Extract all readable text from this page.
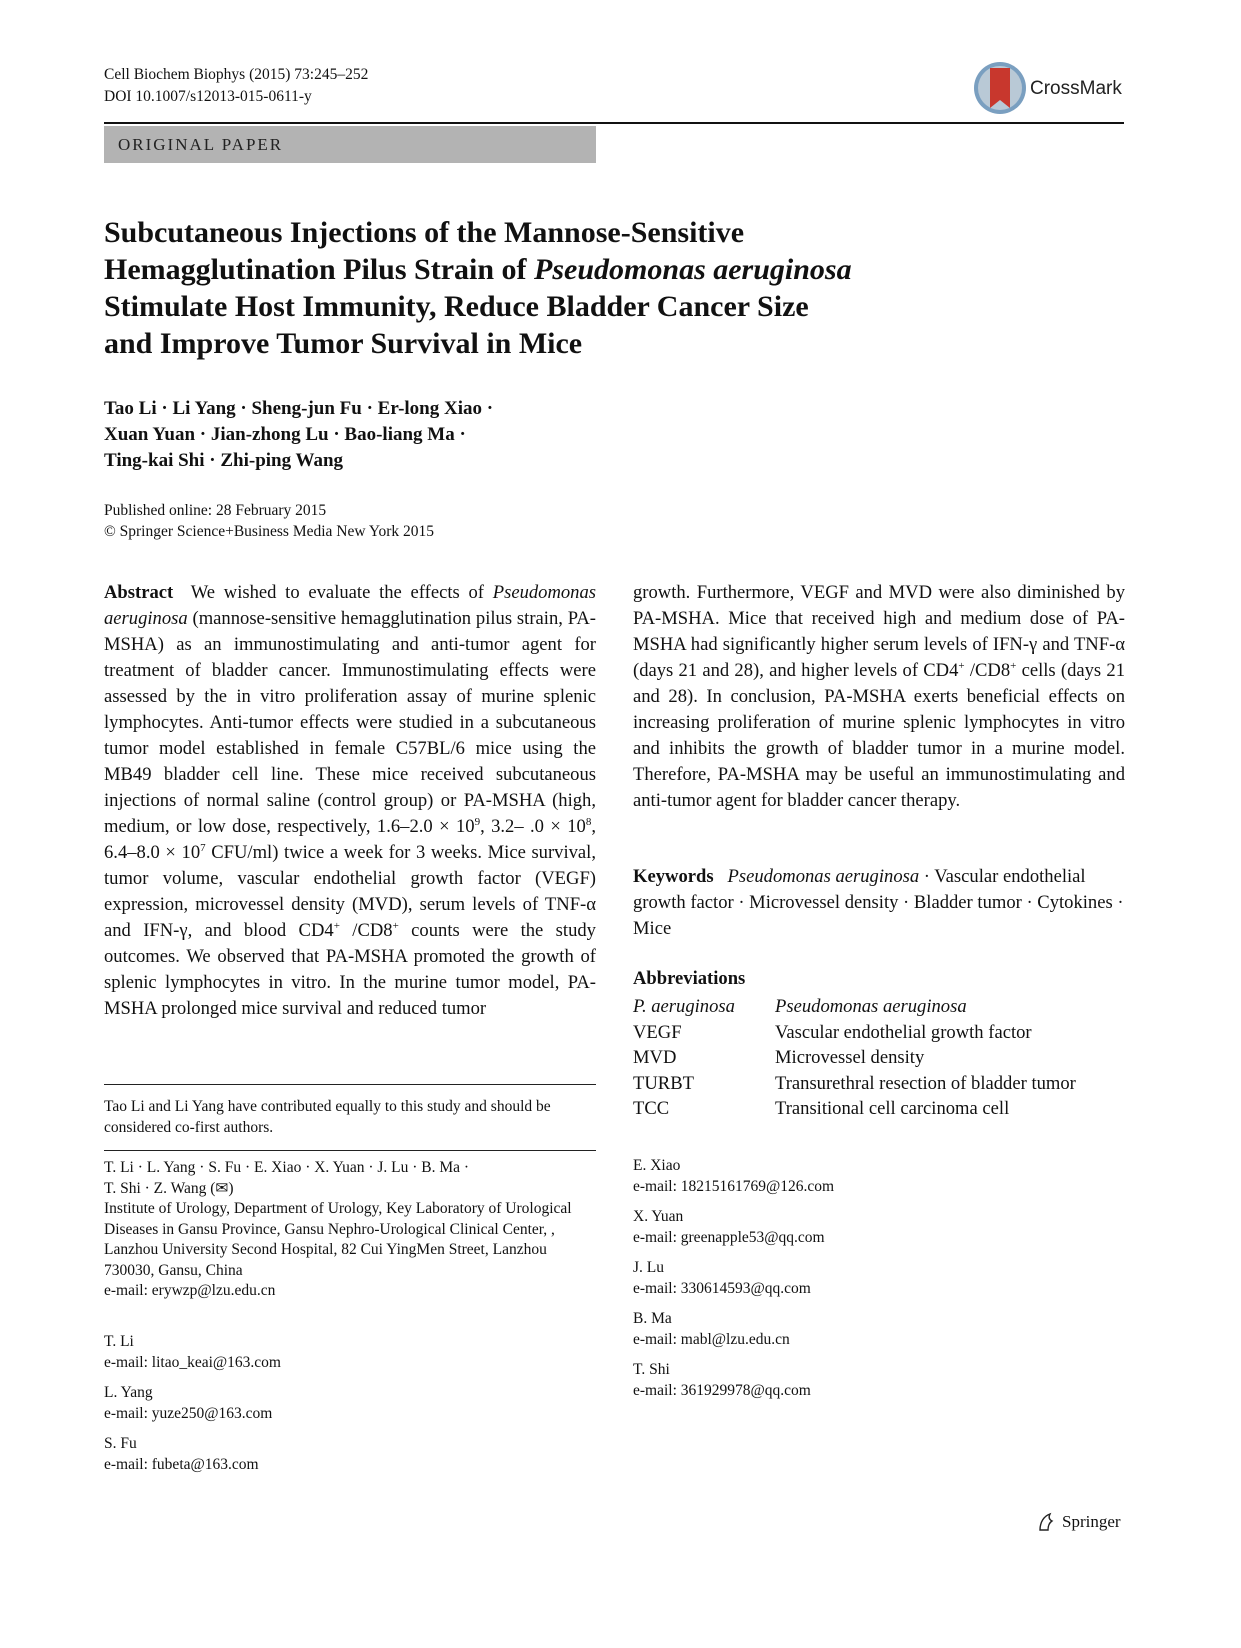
Cell Biochem Biophys (2015) 73:245–252
DOI 10.1007/s12013-015-0611-y	CrossMark
ORIGINAL PAPER
Subcutaneous Injections of the Mannose-Sensitive
Hemagglutination Pilus Strain of Pseudomonas aeruginosa
Stimulate Host Immunity, Reduce Bladder Cancer Size
and Improve Tumor Survival in Mice
Tao Li · Li Yang · Sheng-jun Fu · Er-long Xiao ·
Xuan Yuan · Jian-zhong Lu · Bao-liang Ma ·
Ting-kai Shi · Zhi-ping Wang
Published online: 28 February 2015
© Springer Science+Business Media New York 2015
Abstract We wished to evaluate the effects of Pseudomonas aeruginosa (mannose-sensitive hemagglutination pilus strain, PA-MSHA) as an immunostimulating and anti-tumor agent for treatment of bladder cancer. Immunostimulating effects were assessed by the in vitro proliferation assay of murine splenic lymphocytes. Anti-tumor effects were studied in a subcutaneous tumor model established in female C57BL/6 mice using the MB49 bladder cell line. These mice received subcutaneous injections of normal saline (control group) or PA-MSHA (high, medium, or low dose, respectively, $1.6-2.0 \times 10^9$, 3.2– $.0 \times 10^8$, $6.4-8.0 \times 10^7$ CFU/ml) twice a week for 3 weeks. Mice survival, tumor volume, vascular endothelial growth factor (VEGF) expression, microvessel density (MVD), serum levels of TNF-α and IFN-γ, and blood CD4+ /CD8+ counts were the study outcomes. We observed that PA-MSHA promoted the growth of splenic lymphocytes in vitro. In the murine tumor model, PA-MSHA prolonged mice survival and reduced tumor
growth. Furthermore, VEGF and MVD were also diminished by PA-MSHA. Mice that received high and medium dose of PA-MSHA had significantly higher serum levels of IFN-γ and TNF-α (days 21 and 28), and higher levels of CD4+ /CD8+ cells (days 21 and 28). In conclusion, PA-MSHA exerts beneficial effects on increasing proliferation of murine splenic lymphocytes in vitro and inhibits the growth of bladder tumor in a murine model. Therefore, PA-MSHA may be useful an immunostimulating and anti-tumor agent for bladder cancer therapy.
Keywords Pseudomonas aeruginosa · Vascular endothelial growth factor · Microvessel density · Bladder tumor · Cytokines · Mice
Abbreviations
P. aeruginosa	Pseudomonas aeruginosa
VEGF	Vascular endothelial growth factor
MVD	Microvessel density
TURBT	Transurethral resection of bladder tumor
TCC	Transitional cell carcinoma cell
Tao Li and Li Yang have contributed equally to this study and should be considered co-first authors.
T. Li · L. Yang · S. Fu · E. Xiao · X. Yuan · J. Lu · B. Ma ·
T. Shi · Z. Wang (✉)
Institute of Urology, Department of Urology, Key Laboratory of Urological Diseases in Gansu Province, Gansu Nephro-Urological Clinical Center, , Lanzhou University Second Hospital, 82 Cui YingMen Street, Lanzhou 730030, Gansu, China
e-mail: erywzp@lzu.edu.cn
T. Li
e-mail: litao_keai@163.com
L. Yang
e-mail: yuze250@163.com
S. Fu
e-mail: fubeta@163.com
E. Xiao
e-mail: 18215161769@126.com
X. Yuan
e-mail: greenapple53@qq.com
J. Lu
e-mail: 330614593@qq.com
B. Ma
e-mail: mabl@lzu.edu.cn
T. Shi
e-mail: 361929978@qq.com
Springer
